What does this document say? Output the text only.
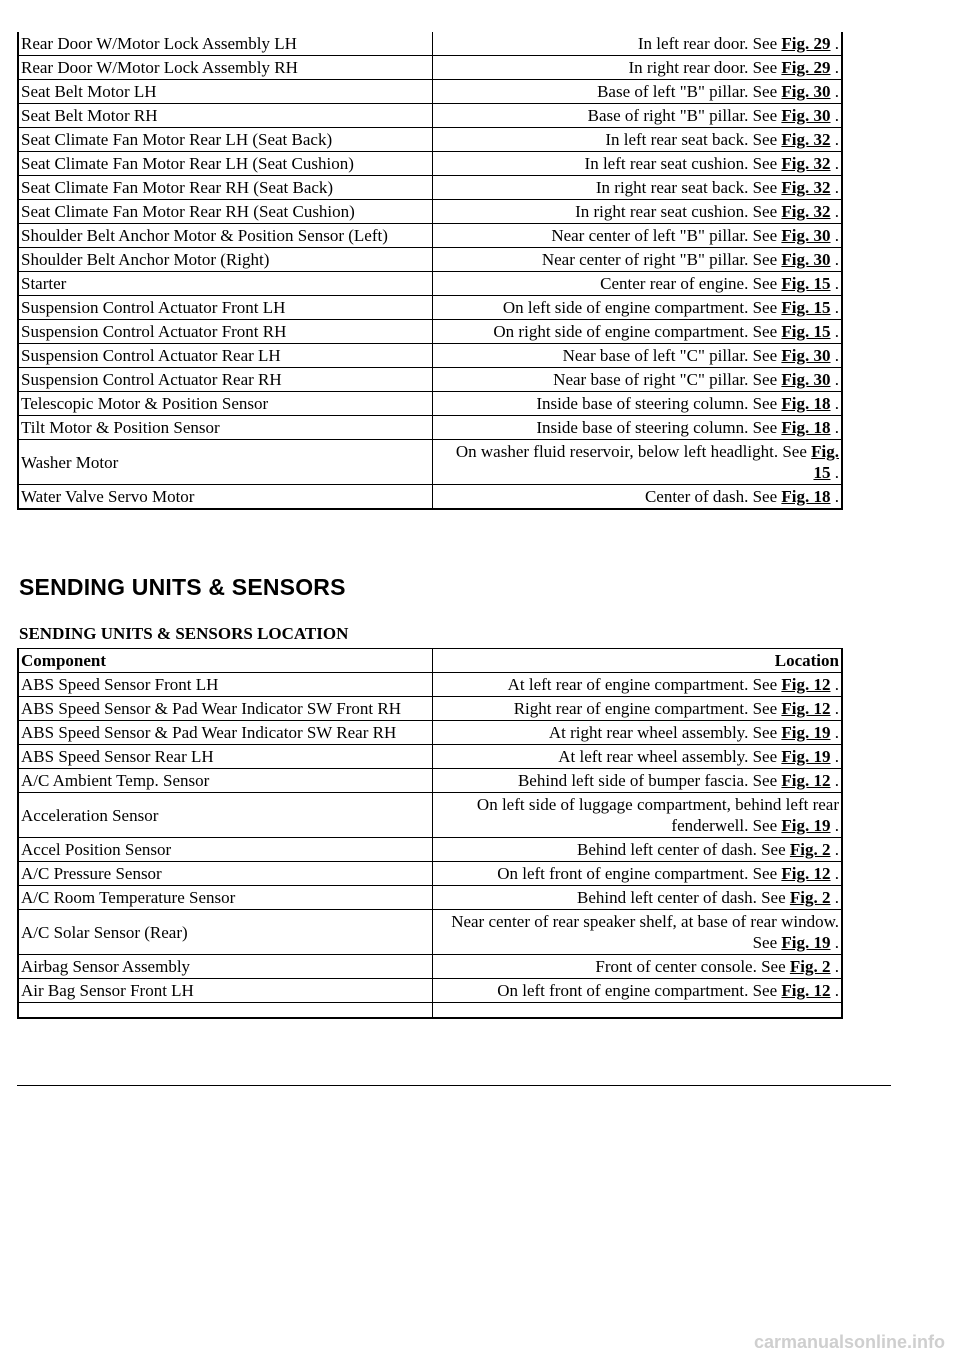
Rear Door W/Motor Lock Assembly LH	In left rear door. See Fig. 29 .
Rear Door W/Motor Lock Assembly RH	In right rear door. See Fig. 29 .
Seat Belt Motor LH	Base of left "B" pillar. See Fig. 30 .
Seat Belt Motor RH	Base of right "B" pillar. See Fig. 30 .
Seat Climate Fan Motor Rear LH (Seat Back)	In left rear seat back. See Fig. 32 .
Seat Climate Fan Motor Rear LH (Seat Cushion)	In left rear seat cushion. See Fig. 32 .
Seat Climate Fan Motor Rear RH (Seat Back)	In right rear seat back. See Fig. 32 .
Seat Climate Fan Motor Rear RH (Seat Cushion)	In right rear seat cushion. See Fig. 32 .
Shoulder Belt Anchor Motor & Position Sensor (Left)	Near center of left "B" pillar. See Fig. 30 .
Shoulder Belt Anchor Motor (Right)	Near center of right "B" pillar. See Fig. 30 .
Starter	Center rear of engine. See Fig. 15 .
Suspension Control Actuator Front LH	On left side of engine compartment. See Fig. 15 .
Suspension Control Actuator Front RH	On right side of engine compartment. See Fig. 15 .
Suspension Control Actuator Rear LH	Near base of left "C" pillar. See Fig. 30 .
Suspension Control Actuator Rear RH	Near base of right "C" pillar. See Fig. 30 .
Telescopic Motor & Position Sensor	Inside base of steering column. See Fig. 18 .
Tilt Motor & Position Sensor	Inside base of steering column. See Fig. 18 .
Washer Motor	On washer fluid reservoir, below left headlight. See Fig. 15 .
Water Valve Servo Motor	Center of dash. See Fig. 18 .
SENDING UNITS & SENSORS
SENDING UNITS & SENSORS LOCATION
Component	Location
ABS Speed Sensor Front LH	At left rear of engine compartment. See Fig. 12 .
ABS Speed Sensor & Pad Wear Indicator SW Front RH	Right rear of engine compartment. See Fig. 12 .
ABS Speed Sensor & Pad Wear Indicator SW Rear RH	At right rear wheel assembly. See Fig. 19 .
ABS Speed Sensor Rear LH	At left rear wheel assembly. See Fig. 19 .
A/C Ambient Temp. Sensor	Behind left side of bumper fascia. See Fig. 12 .
Acceleration Sensor	On left side of luggage compartment, behind left rear fenderwell. See Fig. 19 .
Accel Position Sensor	Behind left center of dash. See Fig. 2 .
A/C Pressure Sensor	On left front of engine compartment. See Fig. 12 .
A/C Room Temperature Sensor	Behind left center of dash. See Fig. 2 .
A/C Solar Sensor (Rear)	Near center of rear speaker shelf, at base of rear window. See Fig. 19 .
Airbag Sensor Assembly	Front of center console. See Fig. 2 .
Air Bag Sensor Front LH	On left front of engine compartment. See Fig. 12 .

carmanualsonline.info
